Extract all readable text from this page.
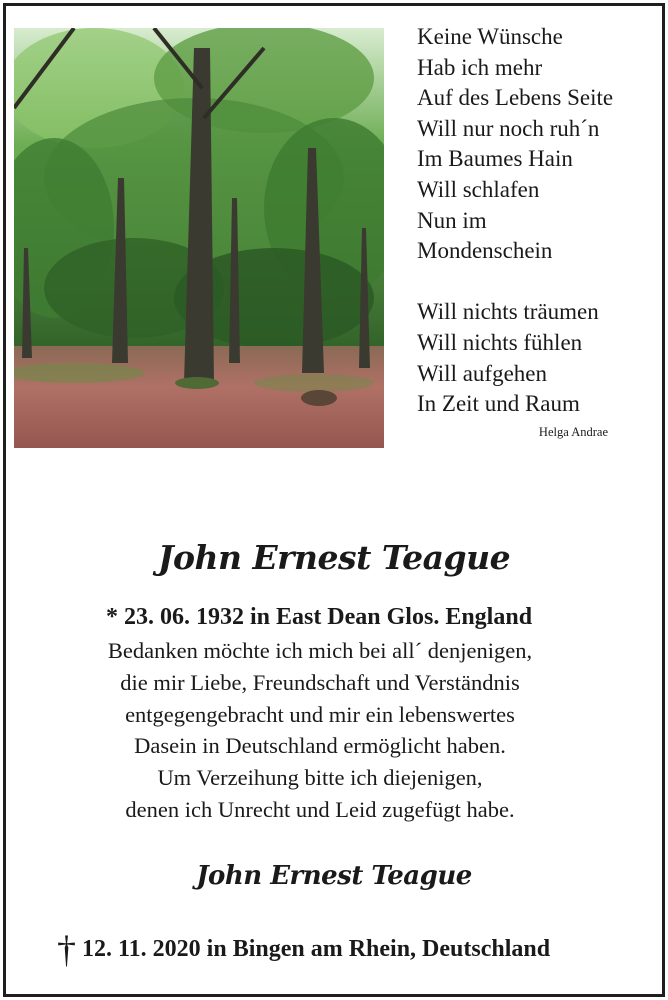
Keine Wünsche
Hab ich mehr
Auf des Lebens Seite
Will nur noch ruh´n
Im Baumes Hain
Will schlafen
Nun im
Mondenschein
Will nichts träumen
Will nichts fühlen
Will aufgehen
In Zeit und Raum
Helga Andrae
John Ernest Teague
* 23. 06. 1932 in East Dean Glos. England
Bedanken möchte ich mich bei all´ denjenigen,
die mir Liebe, Freundschaft und Verständnis
entgegengebracht und mir ein lebenswertes
Dasein in Deutschland ermöglicht haben.
Um Verzeihung bitte ich diejenigen,
denen ich Unrecht und Leid zugefügt habe.
John Ernest Teague
† 12. 11. 2020 in Bingen am Rhein, Deutschland
